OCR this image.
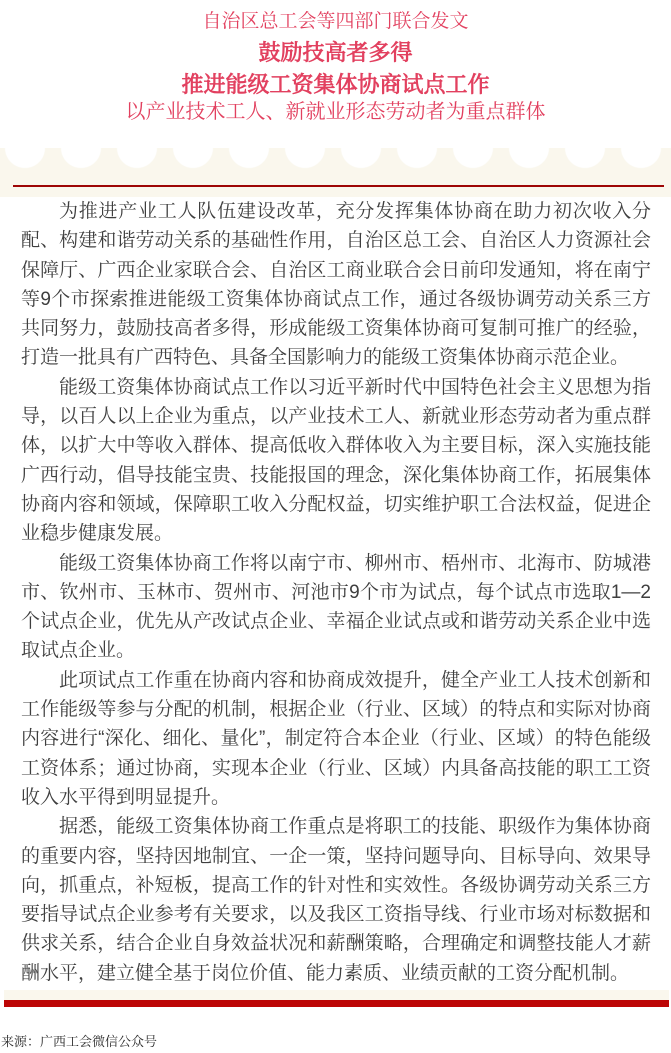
自治区总工会等四部门联合发文
鼓励技高者多得
推进能级工资集体协商试点工作
以产业技术工人、新就业形态劳动者为重点群体

为推进产业工人队伍建设改革，充分发挥集体协商在助力初次收入分配、构建和谐劳动关系的基础性作用，自治区总工会、自治区人力资源社会保障厅、广西企业家联合会、自治区工商业联合会日前印发通知，将在南宁等9个市探索推进能级工资集体协商试点工作，通过各级协调劳动关系三方共同努力，鼓励技高者多得，形成能级工资集体协商可复制可推广的经验，打造一批具有广西特色、具备全国影响力的能级工资集体协商示范企业。

能级工资集体协商试点工作以习近平新时代中国特色社会主义思想为指导，以百人以上企业为重点，以产业技术工人、新就业形态劳动者为重点群体，以扩大中等收入群体、提高低收入群体收入为主要目标，深入实施技能广西行动，倡导技能宝贵、技能报国的理念，深化集体协商工作，拓展集体协商内容和领域，保障职工收入分配权益，切实维护职工合法权益，促进企业稳步健康发展。

能级工资集体协商工作将以南宁市、柳州市、梧州市、北海市、防城港市、钦州市、玉林市、贺州市、河池市9个市为试点，每个试点市选取1—2个试点企业，优先从产改试点企业、幸福企业试点或和谐劳动关系企业中选取试点企业。

此项试点工作重在协商内容和协商成效提升，健全产业工人技术创新和工作能级等参与分配的机制，根据企业（行业、区域）的特点和实际对协商内容进行“深化、细化、量化”，制定符合本企业（行业、区域）的特色能级工资体系；通过协商，实现本企业（行业、区域）内具备高技能的职工工资收入水平得到明显提升。

据悉，能级工资集体协商工作重点是将职工的技能、职级作为集体协商的重要内容，坚持因地制宜、一企一策，坚持问题导向、目标导向、效果导向，抓重点，补短板，提高工作的针对性和实效性。各级协调劳动关系三方要指导试点企业参考有关要求，以及我区工资指导线、行业市场对标数据和供求关系，结合企业自身效益状况和薪酬策略，合理确定和调整技能人才薪酬水平，建立健全基于岗位价值、能力素质、业绩贡献的工资分配机制。

来源：广西工会微信公众号
